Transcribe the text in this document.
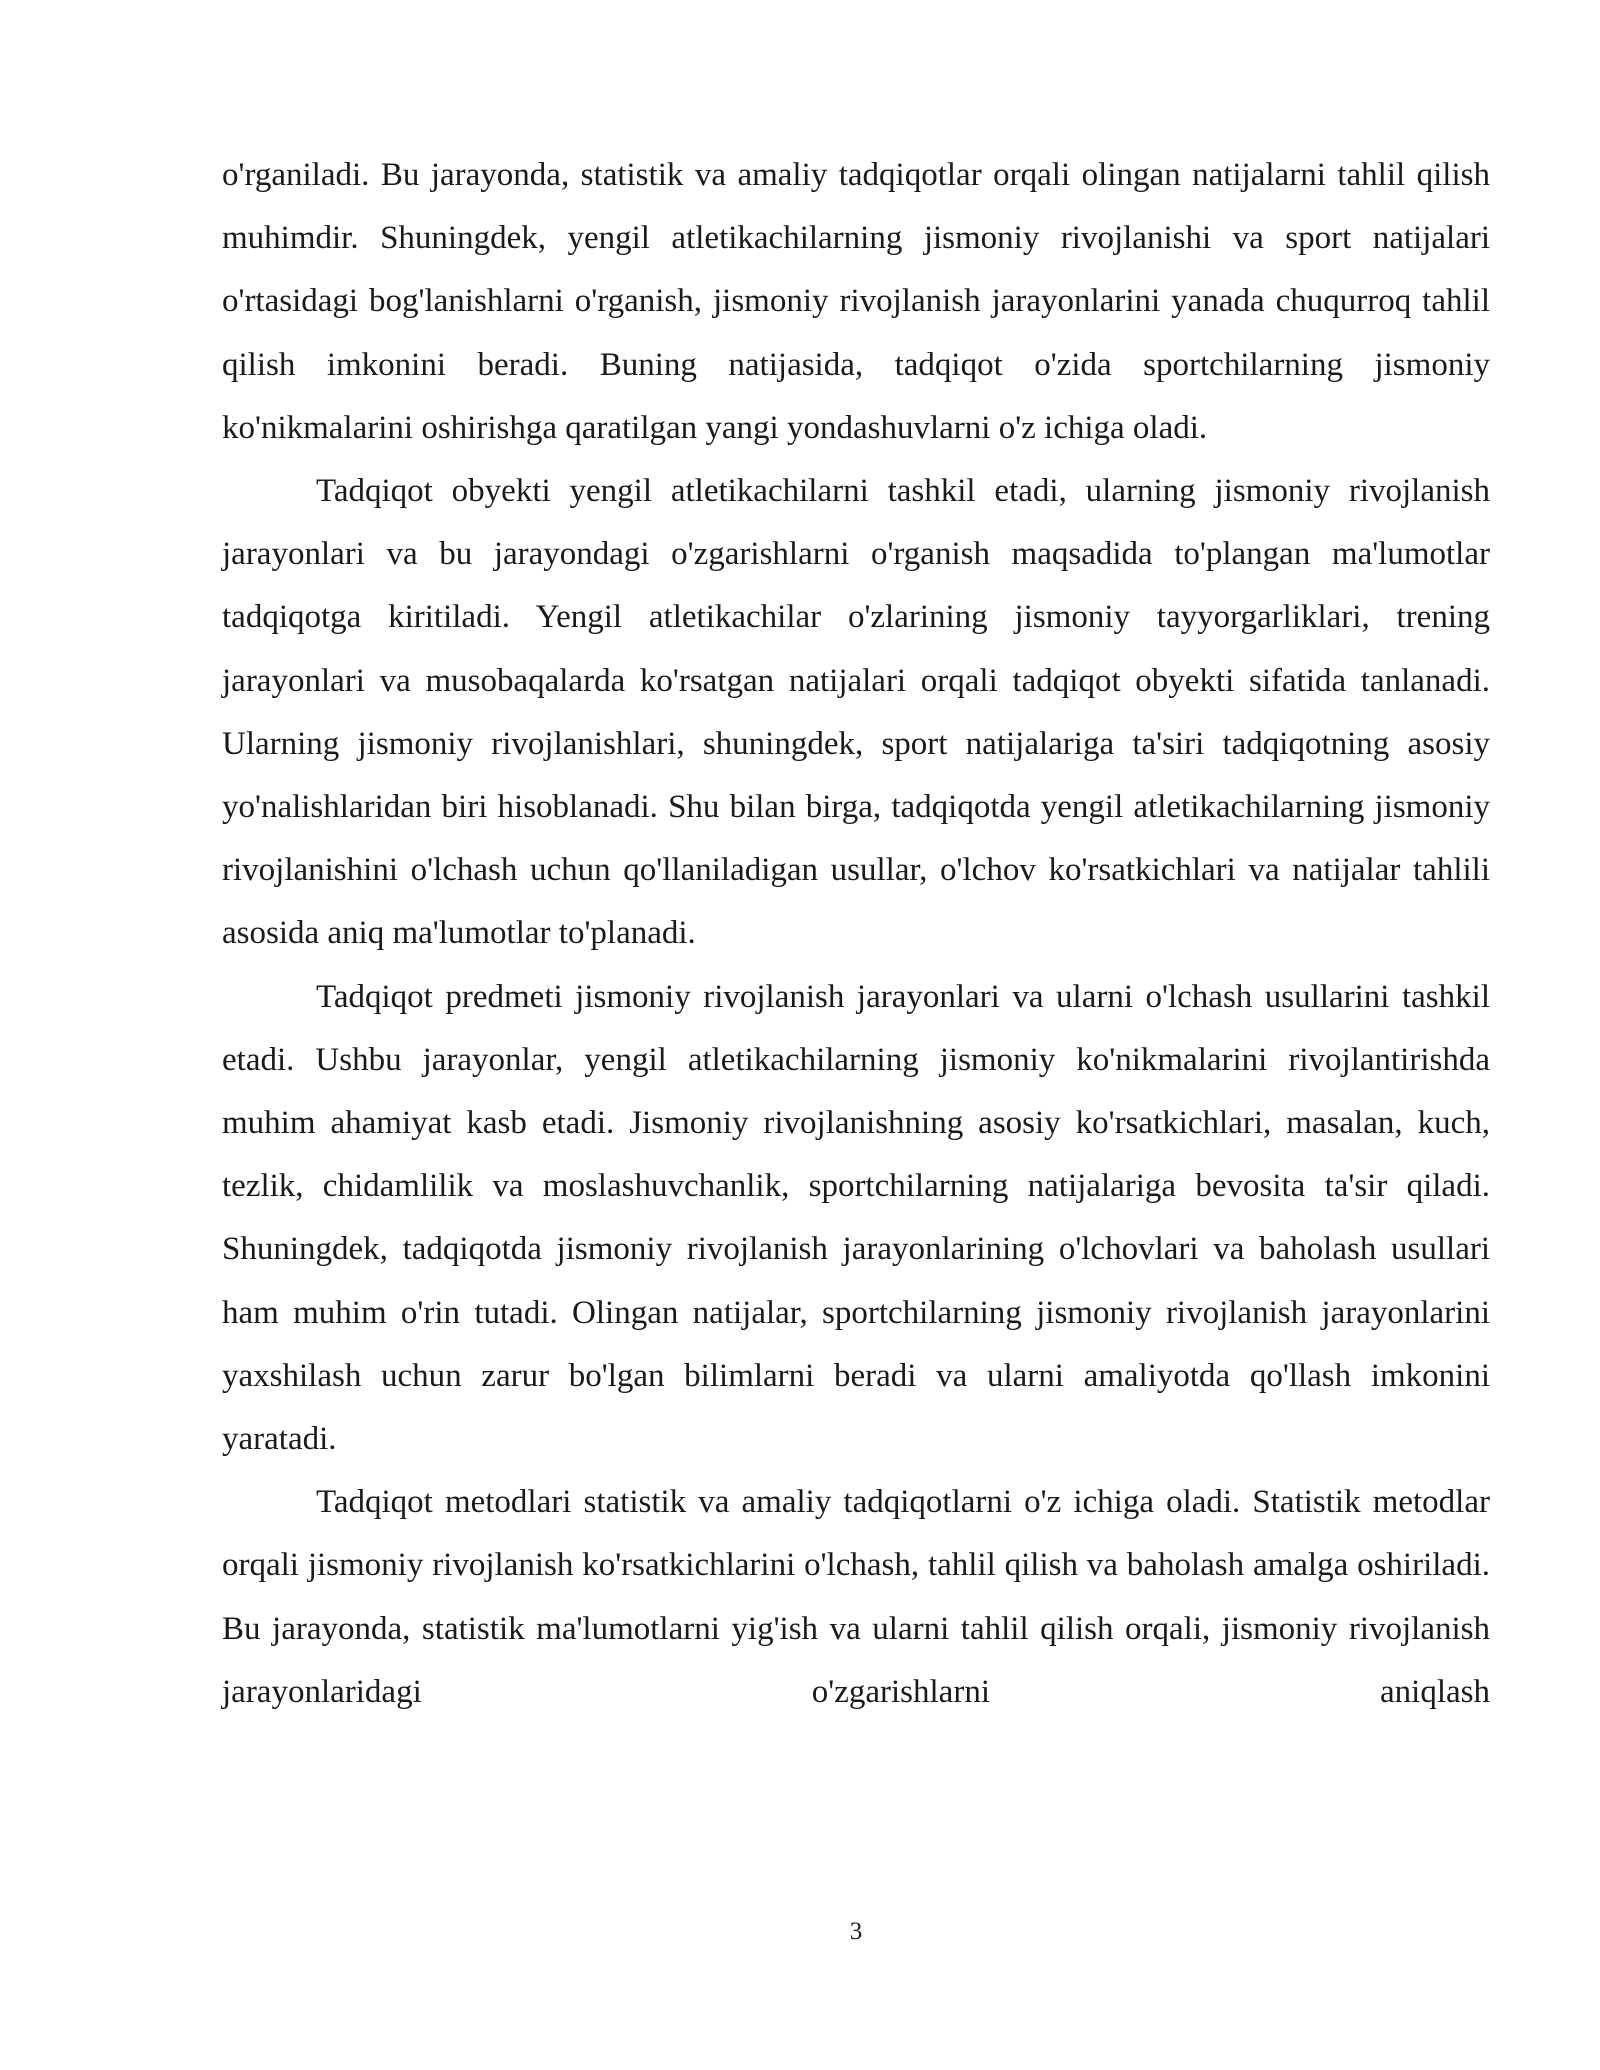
o'rganiladi. Bu jarayonda, statistik va amaliy tadqiqotlar orqali olingan natijalarni tahlil qilish muhimdir. Shuningdek, yengil atletikachilarning jismoniy rivojlanishi va sport natijalari o'rtasidagi bog'lanishlarni o'rganish, jismoniy rivojlanish jarayonlarini yanada chuqurroq tahlil qilish imkonini beradi. Buning natijasida, tadqiqot o'zida sportchilarning jismoniy ko'nikmalarini oshirishga qaratilgan yangi yondashuvlarni o'z ichiga oladi.

Tadqiqot obyekti yengil atletikachilarni tashkil etadi, ularning jismoniy rivojlanish jarayonlari va bu jarayondagi o'zgarishlarni o'rganish maqsadida to'plangan ma'lumotlar tadqiqotga kiritiladi. Yengil atletikachilar o'zlarining jismoniy tayyorgarliklari, trening jarayonlari va musobaqalarda ko'rsatgan natijalari orqali tadqiqot obyekti sifatida tanlanadi. Ularning jismoniy rivojlanishlari, shuningdek, sport natijalariga ta'siri tadqiqotning asosiy yo'nalishlaridan biri hisoblanadi. Shu bilan birga, tadqiqotda yengil atletikachilarning jismoniy rivojlanishini o'lchash uchun qo'llaniladigan usullar, o'lchov ko'rsatkichlari va natijalar tahlili asosida aniq ma'lumotlar to'planadi.

Tadqiqot predmeti jismoniy rivojlanish jarayonlari va ularni o'lchash usullarini tashkil etadi. Ushbu jarayonlar, yengil atletikachilarning jismoniy ko'nikmalarini rivojlantirishda muhim ahamiyat kasb etadi. Jismoniy rivojlanishning asosiy ko'rsatkichlari, masalan, kuch, tezlik, chidamlilik va moslashuvchanlik, sportchilarning natijalariga bevosita ta'sir qiladi. Shuningdek, tadqiqotda jismoniy rivojlanish jarayonlarining o'lchovlari va baholash usullari ham muhim o'rin tutadi. Olingan natijalar, sportchilarning jismoniy rivojlanish jarayonlarini yaxshilash uchun zarur bo'lgan bilimlarni beradi va ularni amaliyotda qo'llash imkonini yaratadi.

Tadqiqot metodlari statistik va amaliy tadqiqotlarni o'z ichiga oladi. Statistik metodlar orqali jismoniy rivojlanish ko'rsatkichlarini o'lchash, tahlil qilish va baholash amalga oshiriladi. Bu jarayonda, statistik ma'lumotlarni yig'ish va ularni tahlil qilish orqali, jismoniy rivojlanish jarayonlaridagi o'zgarishlarni aniqlash

3
